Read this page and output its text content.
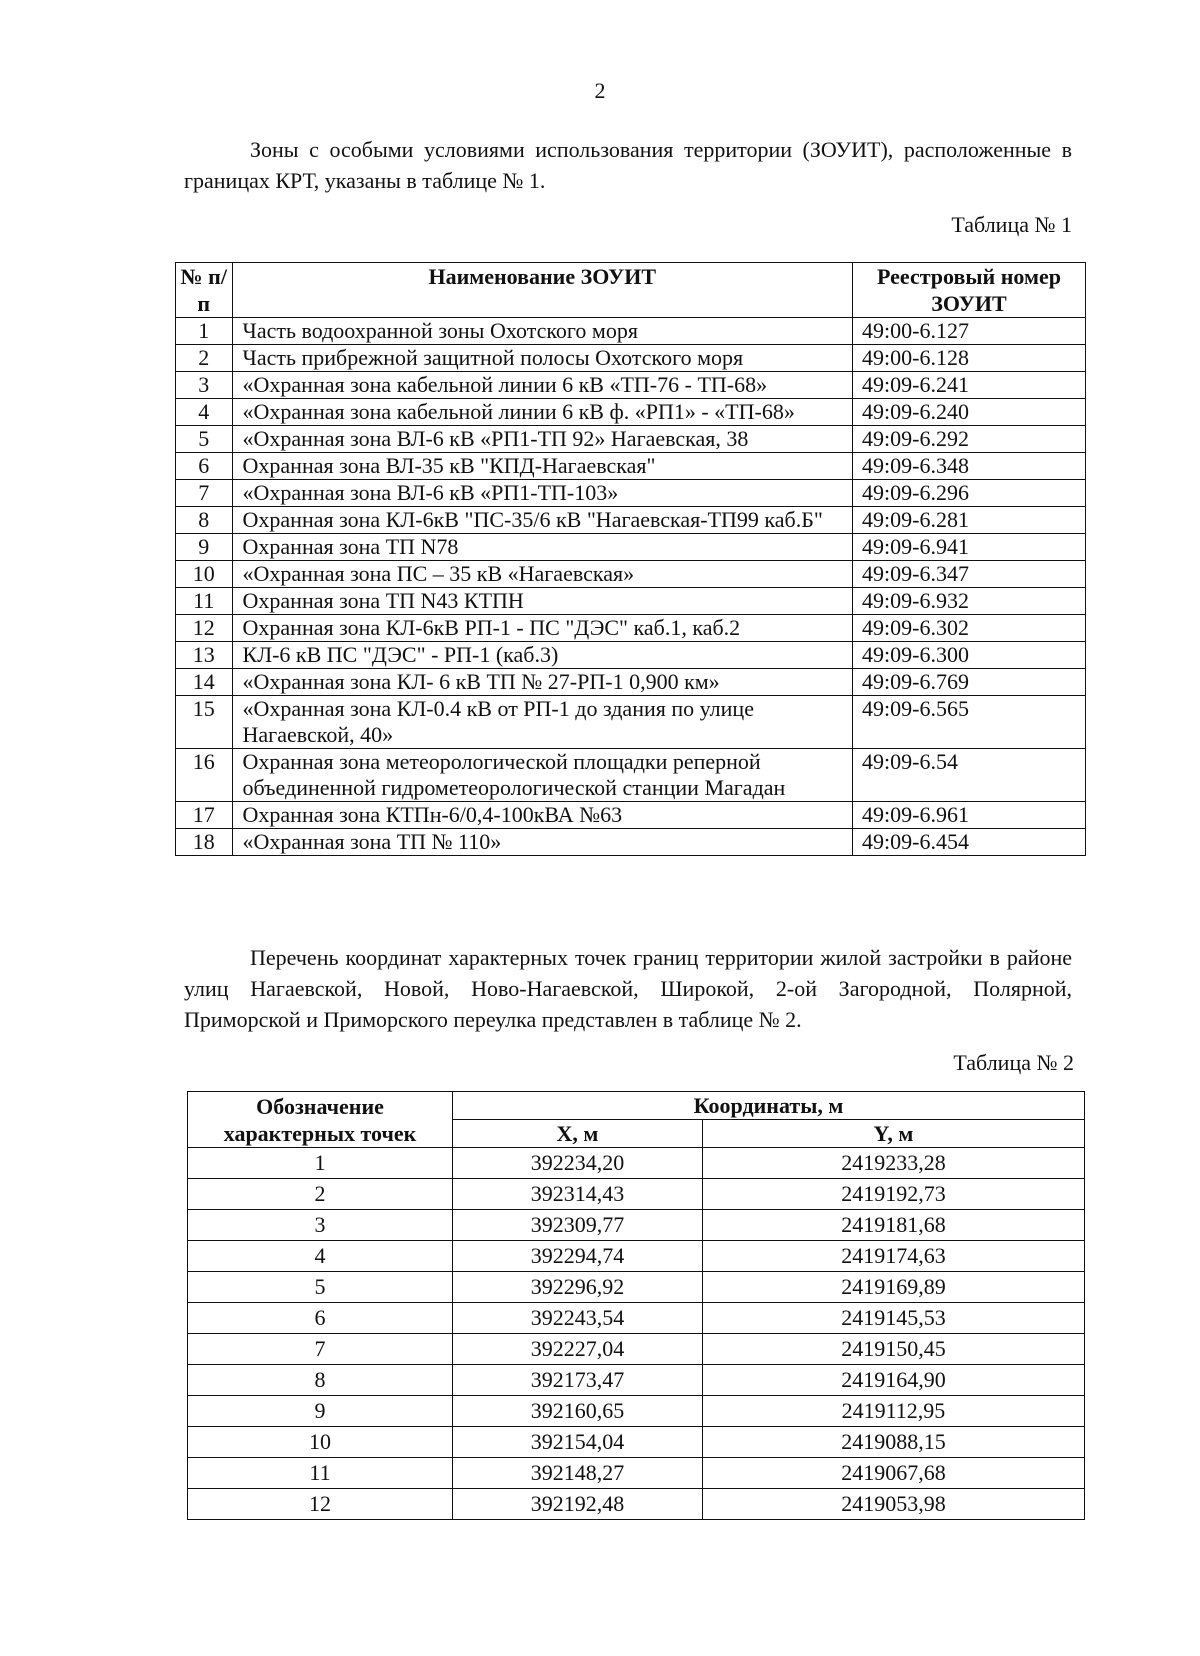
2

Зоны с особыми условиями использования территории (ЗОУИТ), расположенные в границах КРТ, указаны в таблице № 1.

Таблица № 1
№ п/п	Наименование ЗОУИТ	Реестровый номер ЗОУИТ
1	Часть водоохранной зоны Охотского моря	49:00-6.127
2	Часть прибрежной защитной полосы Охотского моря	49:00-6.128
3	«Охранная зона кабельной линии 6 кВ «ТП-76 - ТП-68»	49:09-6.241
4	«Охранная зона кабельной линии 6 кВ ф. «РП1» - «ТП-68»	49:09-6.240
5	«Охранная зона ВЛ-6 кВ «РП1-ТП 92» Нагаевская, 38	49:09-6.292
6	Охранная зона ВЛ-35 кВ "КПД-Нагаевская"	49:09-6.348
7	«Охранная зона ВЛ-6 кВ «РП1-ТП-103»	49:09-6.296
8	Охранная зона КЛ-6кВ "ПС-35/6 кВ "Нагаевская-ТП99 каб.Б"	49:09-6.281
9	Охранная зона ТП N78	49:09-6.941
10	«Охранная зона ПС – 35 кВ «Нагаевская»	49:09-6.347
11	Охранная зона ТП N43 КТПН	49:09-6.932
12	Охранная зона КЛ-6кВ РП-1 - ПС "ДЭС" каб.1, каб.2	49:09-6.302
13	КЛ-6 кВ ПС "ДЭС" - РП-1 (каб.3)	49:09-6.300
14	«Охранная зона КЛ- 6 кВ ТП № 27-РП-1 0,900 км»	49:09-6.769
15	«Охранная зона КЛ-0.4 кВ от РП-1 до здания по улице Нагаевской, 40»	49:09-6.565
16	Охранная зона метеорологической площадки реперной объединенной гидрометеорологической станции Магадан	49:09-6.54
17	Охранная зона КТПн-6/0,4-100кВА №63	49:09-6.961
18	«Охранная зона ТП № 110»	49:09-6.454

Перечень координат характерных точек границ территории жилой застройки в районе улиц Нагаевской, Новой, Ново-Нагаевской, Широкой, 2-ой Загородной, Полярной, Приморской и Приморского переулка представлен в таблице № 2.

Таблица № 2
Обозначение характерных точек	Координаты, м	
	X, м	Y, м
1	392234,20	2419233,28
2	392314,43	2419192,73
3	392309,77	2419181,68
4	392294,74	2419174,63
5	392296,92	2419169,89
6	392243,54	2419145,53
7	392227,04	2419150,45
8	392173,47	2419164,90
9	392160,65	2419112,95
10	392154,04	2419088,15
11	392148,27	2419067,68
12	392192,48	2419053,98
